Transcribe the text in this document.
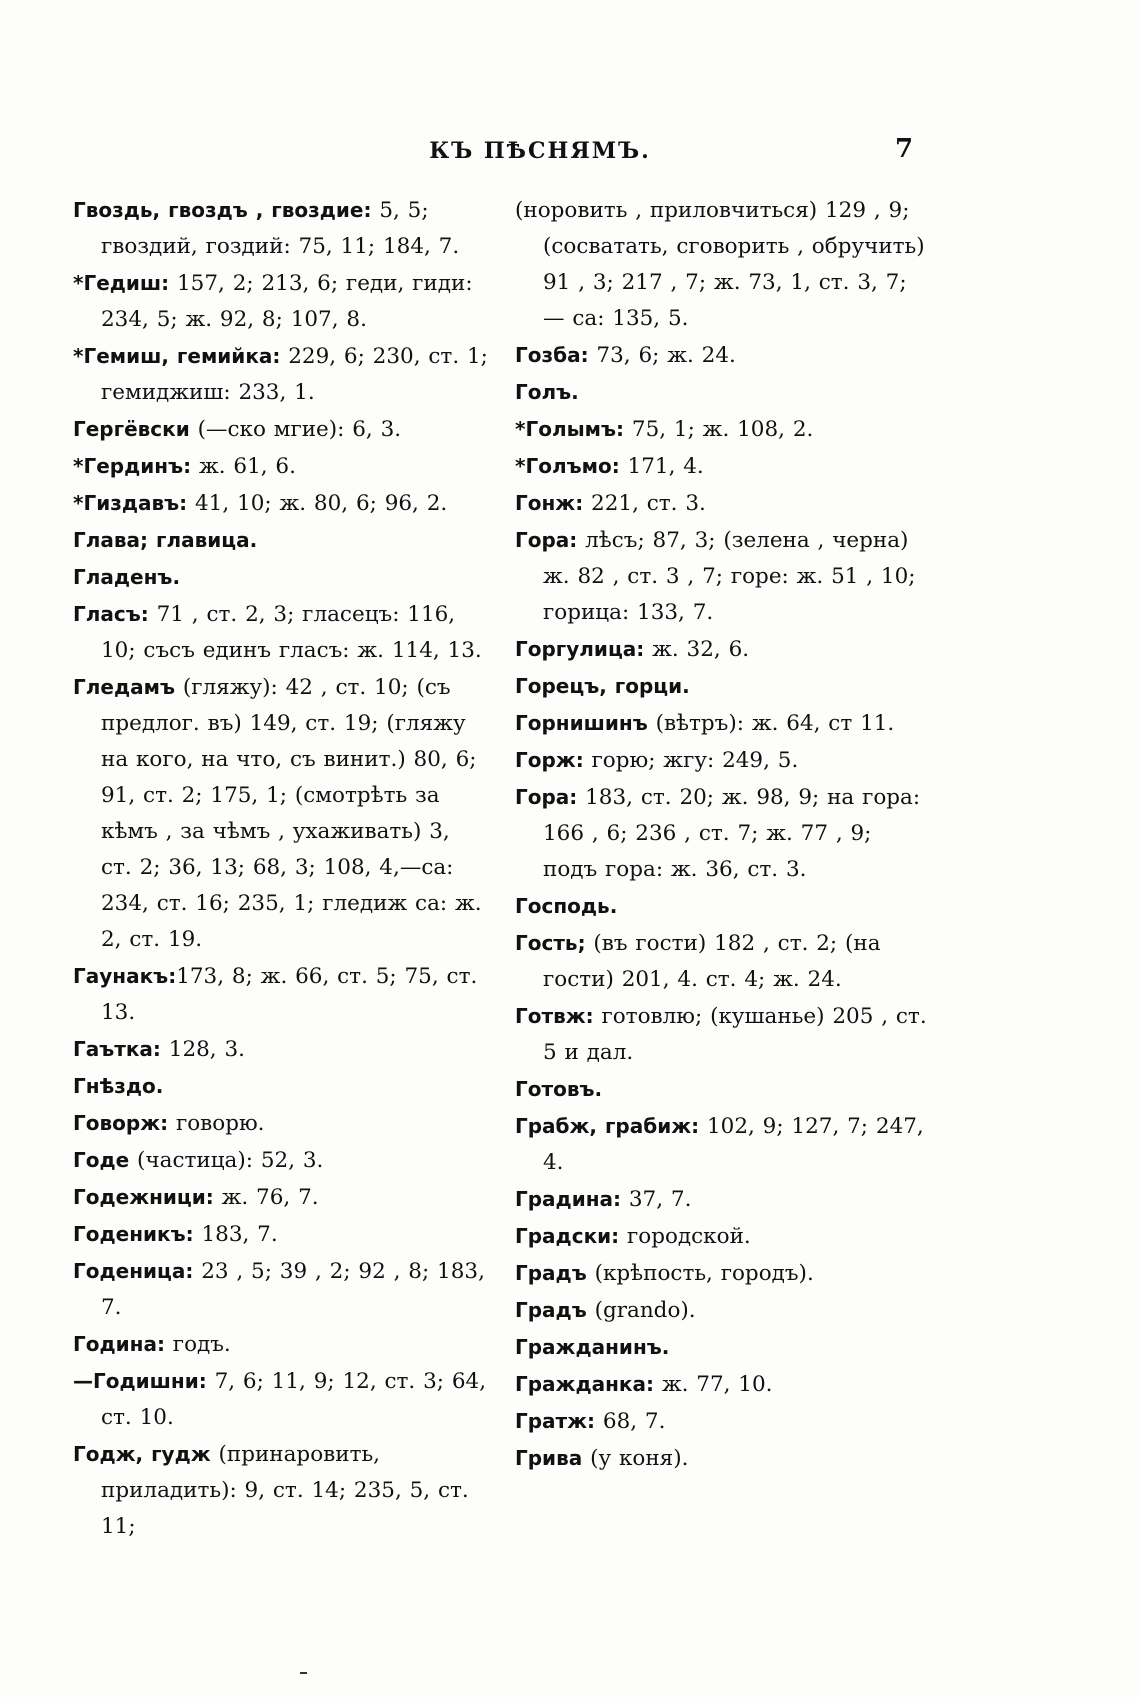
КЪ ПѢСНЯМЪ.	7
Гвоздь, гвоздъ , гвоздие: 5, 5; гвоздий, гоздий: 75, 11; 184, 7.
*Гедиш: 157, 2; 213, 6; геди, гиди: 234, 5; ж. 92, 8; 107, 8.
*Гемиш, гемийка: 229, 6; 230, ст. 1; гемиджиш: 233, 1.
Гергёвски (—ско мгие): 6, 3.
*Гердинъ: ж. 61, 6.
*Гиздавъ: 41, 10; ж. 80, 6; 96, 2.
Глава; главица.
Гладенъ.
Гласъ: 71 , ст. 2, 3; гласецъ: 116, 10; съсъ единъ гласъ: ж. 114, 13.
Гледамъ (гляжу): 42 , ст. 10; (съ предлог. въ) 149, ст. 19; (гляжу на кого, на что, съ винит.) 80, 6; 91, ст. 2; 175, 1; (смотрѣть за кѣмъ , за чѣмъ , ухаживать) 3, ст. 2; 36, 13; 68, 3; 108, 4,—са: 234, ст. 16; 235, 1; гледиж са: ж. 2, ст. 19.
Гаунакъ:173, 8; ж. 66, ст. 5; 75, ст. 13.
Гаътка: 128, 3.
Гнѣздо.
Говорж: говорю.
Годе (частица): 52, 3.
Годежници: ж. 76, 7.
Годеникъ: 183, 7.
Годеница: 23 , 5; 39 , 2; 92 , 8; 183, 7.
Година: годъ.
—Годишни: 7, 6; 11, 9; 12, ст. 3; 64, ст. 10.
Годж, гудж (принаровить, приладить): 9, ст. 14; 235, 5, ст. 11;
(норовить , приловчиться) 129 , 9; (сосватать, сговорить , обручить) 91 , 3; 217 , 7; ж. 73, 1, ст. 3, 7; — са: 135, 5.
Гозба: 73, 6; ж. 24.
Голъ.
*Голымъ: 75, 1; ж. 108, 2.
*Голъмо: 171, 4.
Гонж: 221, ст. 3.
Гора: лѣсъ; 87, 3; (зелена , черна) ж. 82 , ст. 3 , 7; горе: ж. 51 , 10; горица: 133, 7.
Горгулица: ж. 32, 6.
Горецъ, горци.
Горнишинъ (вѣтръ): ж. 64, ст 11.
Горж: горю; жгу: 249, 5.
Гора: 183, ст. 20; ж. 98, 9; на гора: 166 , 6; 236 , ст. 7; ж. 77 , 9; подъ гора: ж. 36, ст. 3.
Господь.
Гость; (въ гости) 182 , ст. 2; (на гости) 201, 4. ст. 4; ж. 24.
Готвж: готовлю; (кушанье) 205 , ст. 5 и дал.
Готовъ.
Грабж, грабиж: 102, 9; 127, 7; 247, 4.
Градина: 37, 7.
Градски: городской.
Градъ (крѣпость, городъ).
Градъ (grando).
Гражданинъ.
Гражданка: ж. 77, 10.
Гратж: 68, 7.
Грива (у коня).
